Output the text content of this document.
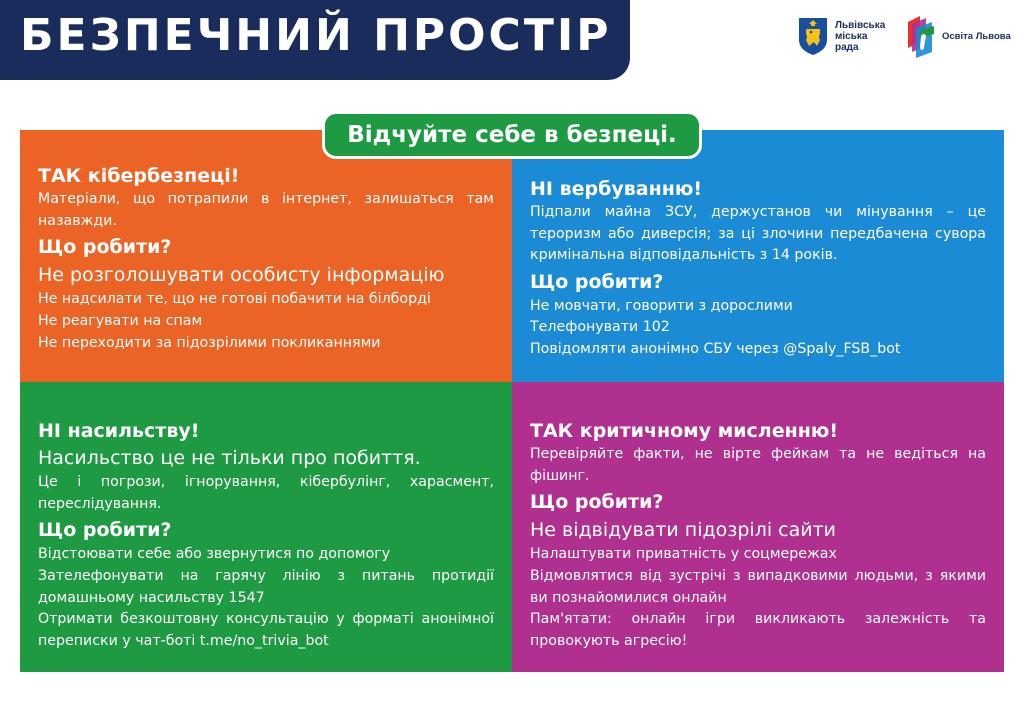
БЕЗПЕЧНИЙ ПРОСТІР	Львівська
міська
рада
Освіта Львова
ТАК кібербезпеці!
Матеріали, що потрапили в інтернет, залишаться там назавжди.
Що робити?
Не розголошувати особисту інформацію
Не надсилати те, що не готові побачити на білборді
Не реагувати на спам
Не переходити за підозрілими покликаннями
НІ вербуванню!
Підпали майна ЗСУ, держустанов чи мінування – це тероризм або диверсія; за ці злочини передбачена сувора кримінальна відповідальність з 14 років.
Що робити?
Не мовчати, говорити з дорослими
Телефонувати 102
Повідомляти анонімно СБУ через @Spaly_FSB_bot
НІ насильству!
Насильство це не тільки про побиття.
Це і погрози, ігнорування, кібербулінг, харасмент, переслідування.
Що робити?
Відстоювати себе або звернутися по допомогу
Зателефонувати на гарячу лінію з питань протидії домашньому насильству 1547
Отримати безкоштовну консультацію у форматі анонімної переписки у чат-боті t.me/no_trivia_bot
ТАК критичному мисленню!
Перевіряйте факти, не вірте фейкам та не ведіться на фішинг.
Що робити?
Не відвідувати підозрілі сайти
Налаштувати приватність у соцмережах
Відмовлятися від зустрічі з випадковими людьми, з якими ви познайомилися онлайн
Пам'ятати: онлайн ігри викликають залежність та провокують агресію!
Відчуйте себе в безпеці.
